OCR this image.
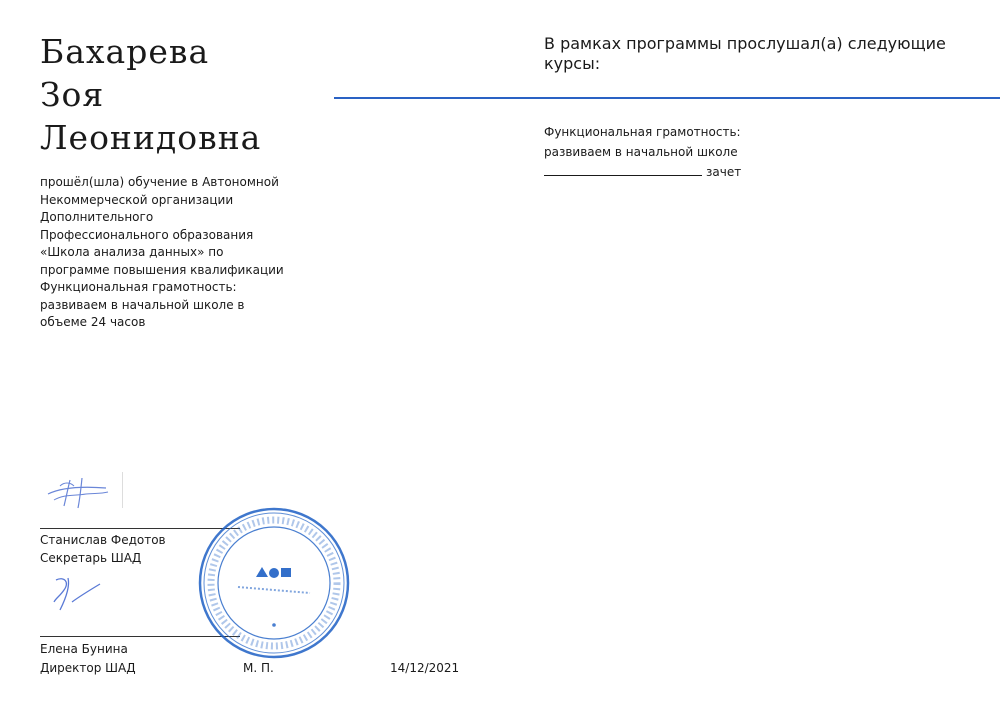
Бахарева
Зоя
Леонидовна
прошёл(шла) обучение в Автономной Некоммерческой организации Дополнительного Профессионального образования «Школа анализа данных» по программе повышения квалификации Функциональная грамотность: развиваем в начальной школе в объеме 24 часов
В рамках программы прослушал(а) следующие курсы:
Функциональная грамотность: развиваем в начальной школе
зачет
Станислав Федотов
Секретарь ШАД
Елена Бунина
Директор ШАД	М. П.	14/12/2021
